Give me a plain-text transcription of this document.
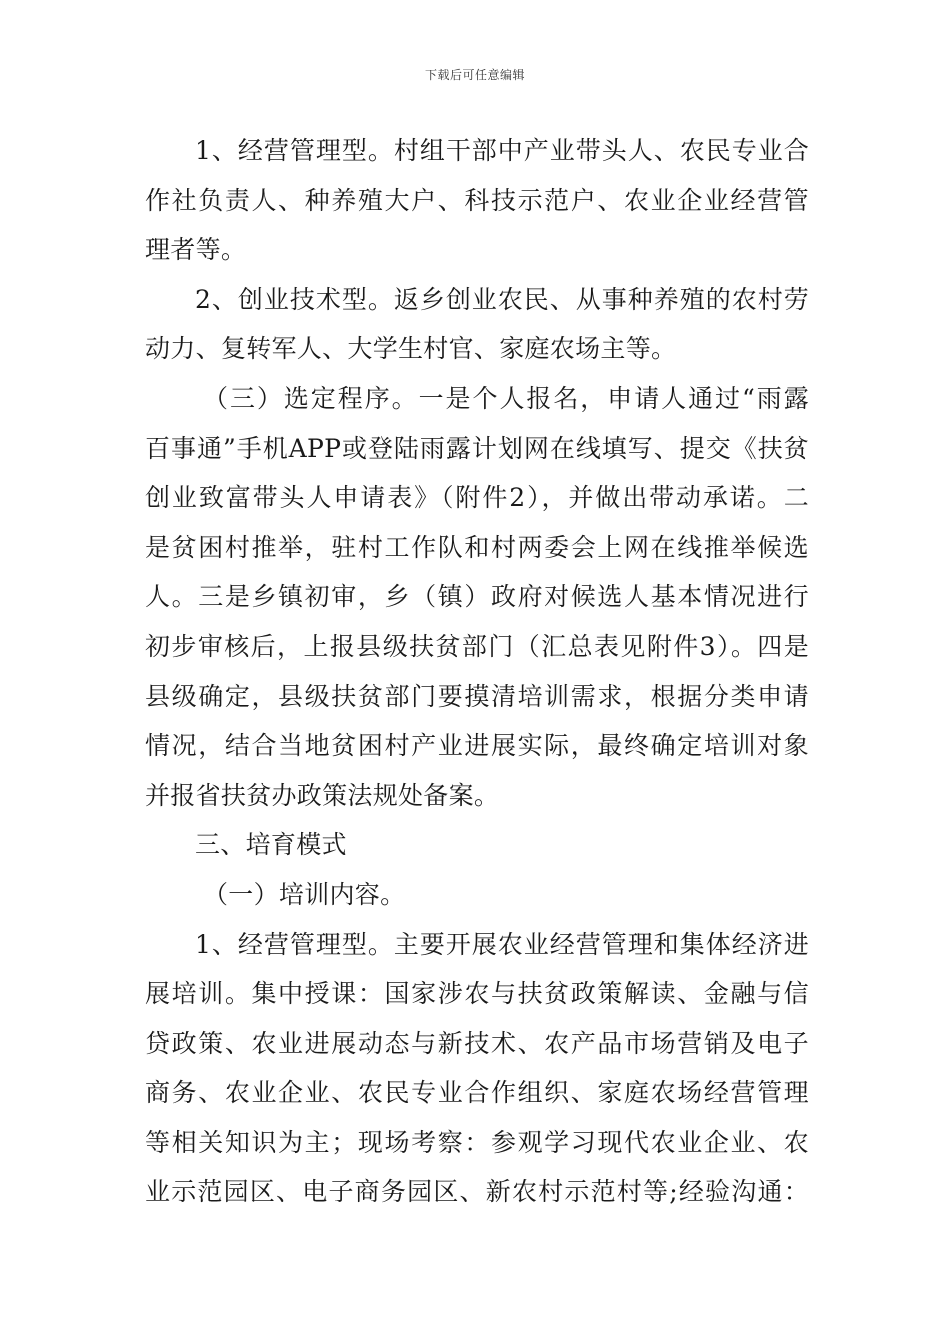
下载后可任意编辑
1、经营管理型。村组干部中产业带头人、农民专业合
作社负责人、种养殖大户、科技示范户、农业企业经营管
理者等。
2、创业技术型。返乡创业农民、从事种养殖的农村劳
动力、复转军人、大学生村官、家庭农场主等。
（三）选定程序。一是个人报名，申请人通过“雨露
百事通”手机APP或登陆雨露计划网在线填写、提交《扶贫
创业致富带头人申请表》（附件2），并做出带动承诺。二
是贫困村推举，驻村工作队和村两委会上网在线推举候选
人。三是乡镇初审，乡（镇）政府对候选人基本情况进行
初步审核后，上报县级扶贫部门（汇总表见附件3）。四是
县级确定，县级扶贫部门要摸清培训需求，根据分类申请
情况，结合当地贫困村产业进展实际，最终确定培训对象
并报省扶贫办政策法规处备案。
三、培育模式
（一）培训内容。
1、经营管理型。主要开展农业经营管理和集体经济进
展培训。集中授课：国家涉农与扶贫政策解读、金融与信
贷政策、农业进展动态与新技术、农产品市场营销及电子
商务、农业企业、农民专业合作组织、家庭农场经营管理
等相关知识为主；现场考察：参观学习现代农业企业、农
业示范园区、电子商务园区、新农村示范村等;经验沟通：
